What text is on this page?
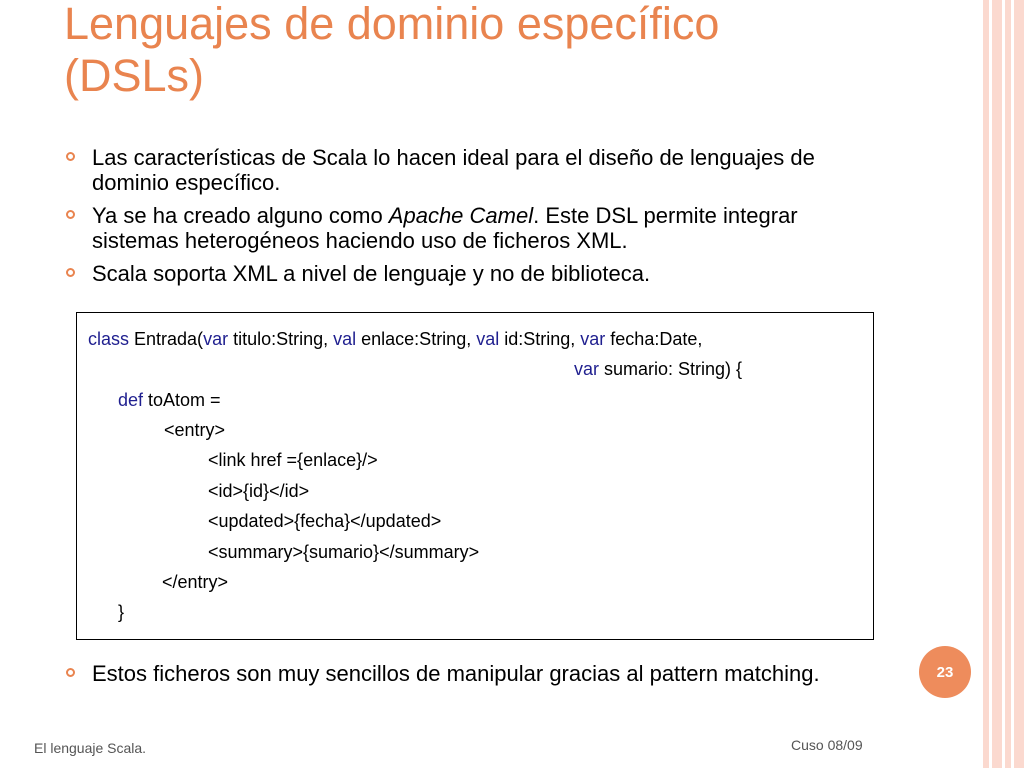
Lenguajes de dominio específico
(DSLs)
Las características de Scala lo hacen ideal para el diseño de lenguajes de dominio específico.
Ya se ha creado alguno como Apache Camel. Este DSL permite integrar sistemas heterogéneos haciendo uso de ficheros XML.
Scala soporta XML a nivel de lenguaje y no de biblioteca.
class Entrada(var titulo:String, val enlace:String, val id:String, var fecha:Date,
var sumario: String) {
def toAtom =
<entry>
<link href ={enlace}/>
<id>{id}</id>
<updated>{fecha}</updated>
<summary>{sumario}</summary>
</entry>
}
Estos ficheros son muy sencillos de manipular gracias al pattern matching.	23
El lenguaje Scala.	Cuso 08/09
